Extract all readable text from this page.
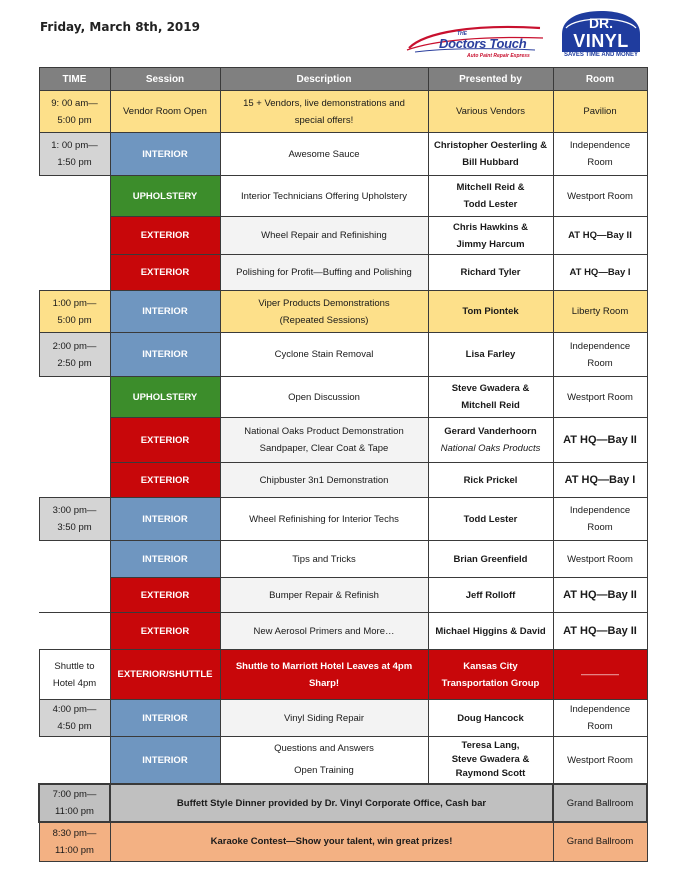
Friday, March 8th, 2019	THE
Doctors Touch
Auto Paint Repair Express
DR.
VINYL
SAVES TIME AND MONEY
TIME	Session	Description	Presented by	Room

9: 00 am—
5:00 pm	Vendor Room Open	15 + Vendors, live demonstrations and
special offers!	Various Vendors	Pavilion

1: 00 pm—
1:50 pm	INTERIOR	Awesome Sauce	Christopher Oesterling &
Bill Hubbard	Independence
Room

	UPHOLSTERY	Interior Technicians Offering Upholstery	Mitchell Reid &
Todd Lester	Westport Room
	EXTERIOR	Wheel Repair and Refinishing	Chris Hawkins &
Jimmy Harcum	AT HQ—Bay II
	EXTERIOR	Polishing for Profit—Buffing and Polishing	Richard Tyler	AT HQ—Bay I

1:00 pm—
5:00 pm	INTERIOR	Viper Products Demonstrations
(Repeated Sessions)	Tom Piontek	Liberty Room

2:00 pm—
2:50 pm	INTERIOR	Cyclone Stain Removal	Lisa Farley	Independence
Room

	UPHOLSTERY	Open Discussion	Steve Gwadera &
Mitchell Reid	Westport Room
	EXTERIOR	National Oaks Product Demonstration
Sandpaper, Clear Coat & Tape	Gerard Vanderhoorn
National Oaks Products	AT HQ—Bay II
	EXTERIOR	Chipbuster 3n1 Demonstration	Rick Prickel	AT HQ—Bay I

3:00 pm—
3:50 pm	INTERIOR	Wheel Refinishing for Interior Techs	Todd Lester	Independence
Room

	INTERIOR	Tips and Tricks	Brian Greenfield	Westport Room
	EXTERIOR	Bumper Repair & Refinish	Jeff Rolloff	AT HQ—Bay II
	EXTERIOR	New Aerosol Primers and More…	Michael Higgins & David	AT HQ—Bay II

Shuttle to
Hotel 4pm	EXTERIOR/SHUTTLE	Shuttle to Marriott Hotel Leaves at 4pm
Sharp!	Kansas City
Transportation Group	————

4:00 pm—
4:50 pm	INTERIOR	Vinyl Siding Repair	Doug Hancock	Independence
Room

	INTERIOR	Questions and Answers
Open Training	Teresa Lang,
Steve Gwadera &
Raymond Scott	Westport Room

7:00 pm—
11:00 pm	Buffett Style Dinner provided by Dr. Vinyl Corporate Office, Cash bar			Grand Ballroom

8:30 pm—
11:00 pm	Karaoke Contest—Show your talent, win great prizes!			Grand Ballroom
